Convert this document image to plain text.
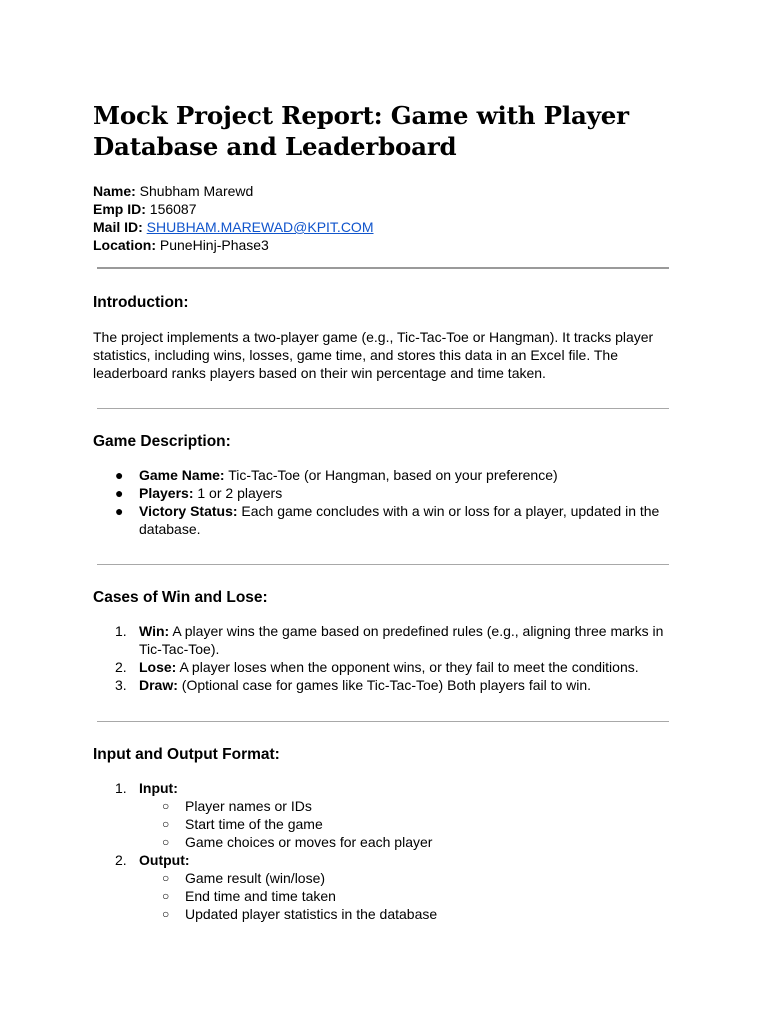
Mock Project Report: Game with Player Database and Leaderboard
Name: Shubham Marewd
Emp ID: 156087
Mail ID: SHUBHAM.MAREWAD@KPIT.COM
Location: PuneHinj-Phase3
Introduction:

The project implements a two-player game (e.g., Tic-Tac-Toe or Hangman). It tracks player statistics, including wins, losses, game time, and stores this data in an Excel file. The leaderboard ranks players based on their win percentage and time taken.

Game Description:
● Game Name: Tic-Tac-Toe (or Hangman, based on your preference)
● Players: 1 or 2 players
● Victory Status: Each game concludes with a win or loss for a player, updated in the database.
Cases of Win and Lose:
1. Win: A player wins the game based on predefined rules (e.g., aligning three marks in Tic-Tac-Toe).
2. Lose: A player loses when the opponent wins, or they fail to meet the conditions.
3. Draw: (Optional case for games like Tic-Tac-Toe) Both players fail to win.
Input and Output Format:
1. Input:
○ Player names or IDs
○ Start time of the game
○ Game choices or moves for each player
2. Output:
○ Game result (win/lose)
○ End time and time taken
○ Updated player statistics in the database
